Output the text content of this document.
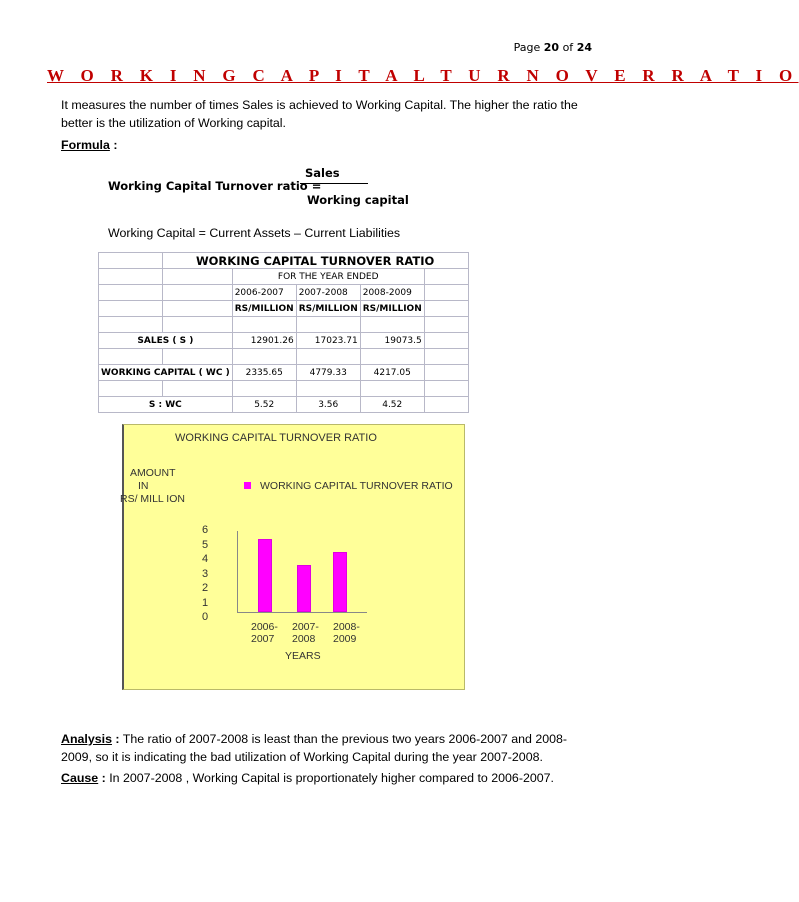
Page 20 of 24
W O R K I N G C A P I T A L T U R N O V E R R A T I O
It measures the number of times Sales is achieved to Working Capital. The higher the ratio the better is the utilization of Working capital.
Formula :
Working Capital Turnover ratio =
Sales
Working capital
Working Capital = Current Assets – Current Liabilities
	WORKING CAPITAL TURNOVER RATIO				
		FOR THE YEAR ENDED			
		2006-2007	2007-2008	2008-2009	
		RS/MILLION	RS/MILLION	RS/MILLION	

SALES ( S )		12901.26	17023.71	19073.5	

WORKING CAPITAL ( WC )		2335.65	4779.33	4217.05	

S : WC		5.52	3.56	4.52	
WORKING CAPITAL TURNOVER RATIO
AMOUNT
IN
RS/ MILL ION
WORKING CAPITAL TURNOVER RATIO
6
5
4
3
2
1
0
2006-
2007
2007-
2008
2008-
2009
YEARS
Analysis : The ratio of 2007-2008 is least than the previous two years 2006-2007 and 2008- 2009, so it is indicating the bad utilization of Working Capital during the year 2007-2008.
Cause : In 2007-2008 , Working Capital is proportionately higher compared to 2006-2007.
